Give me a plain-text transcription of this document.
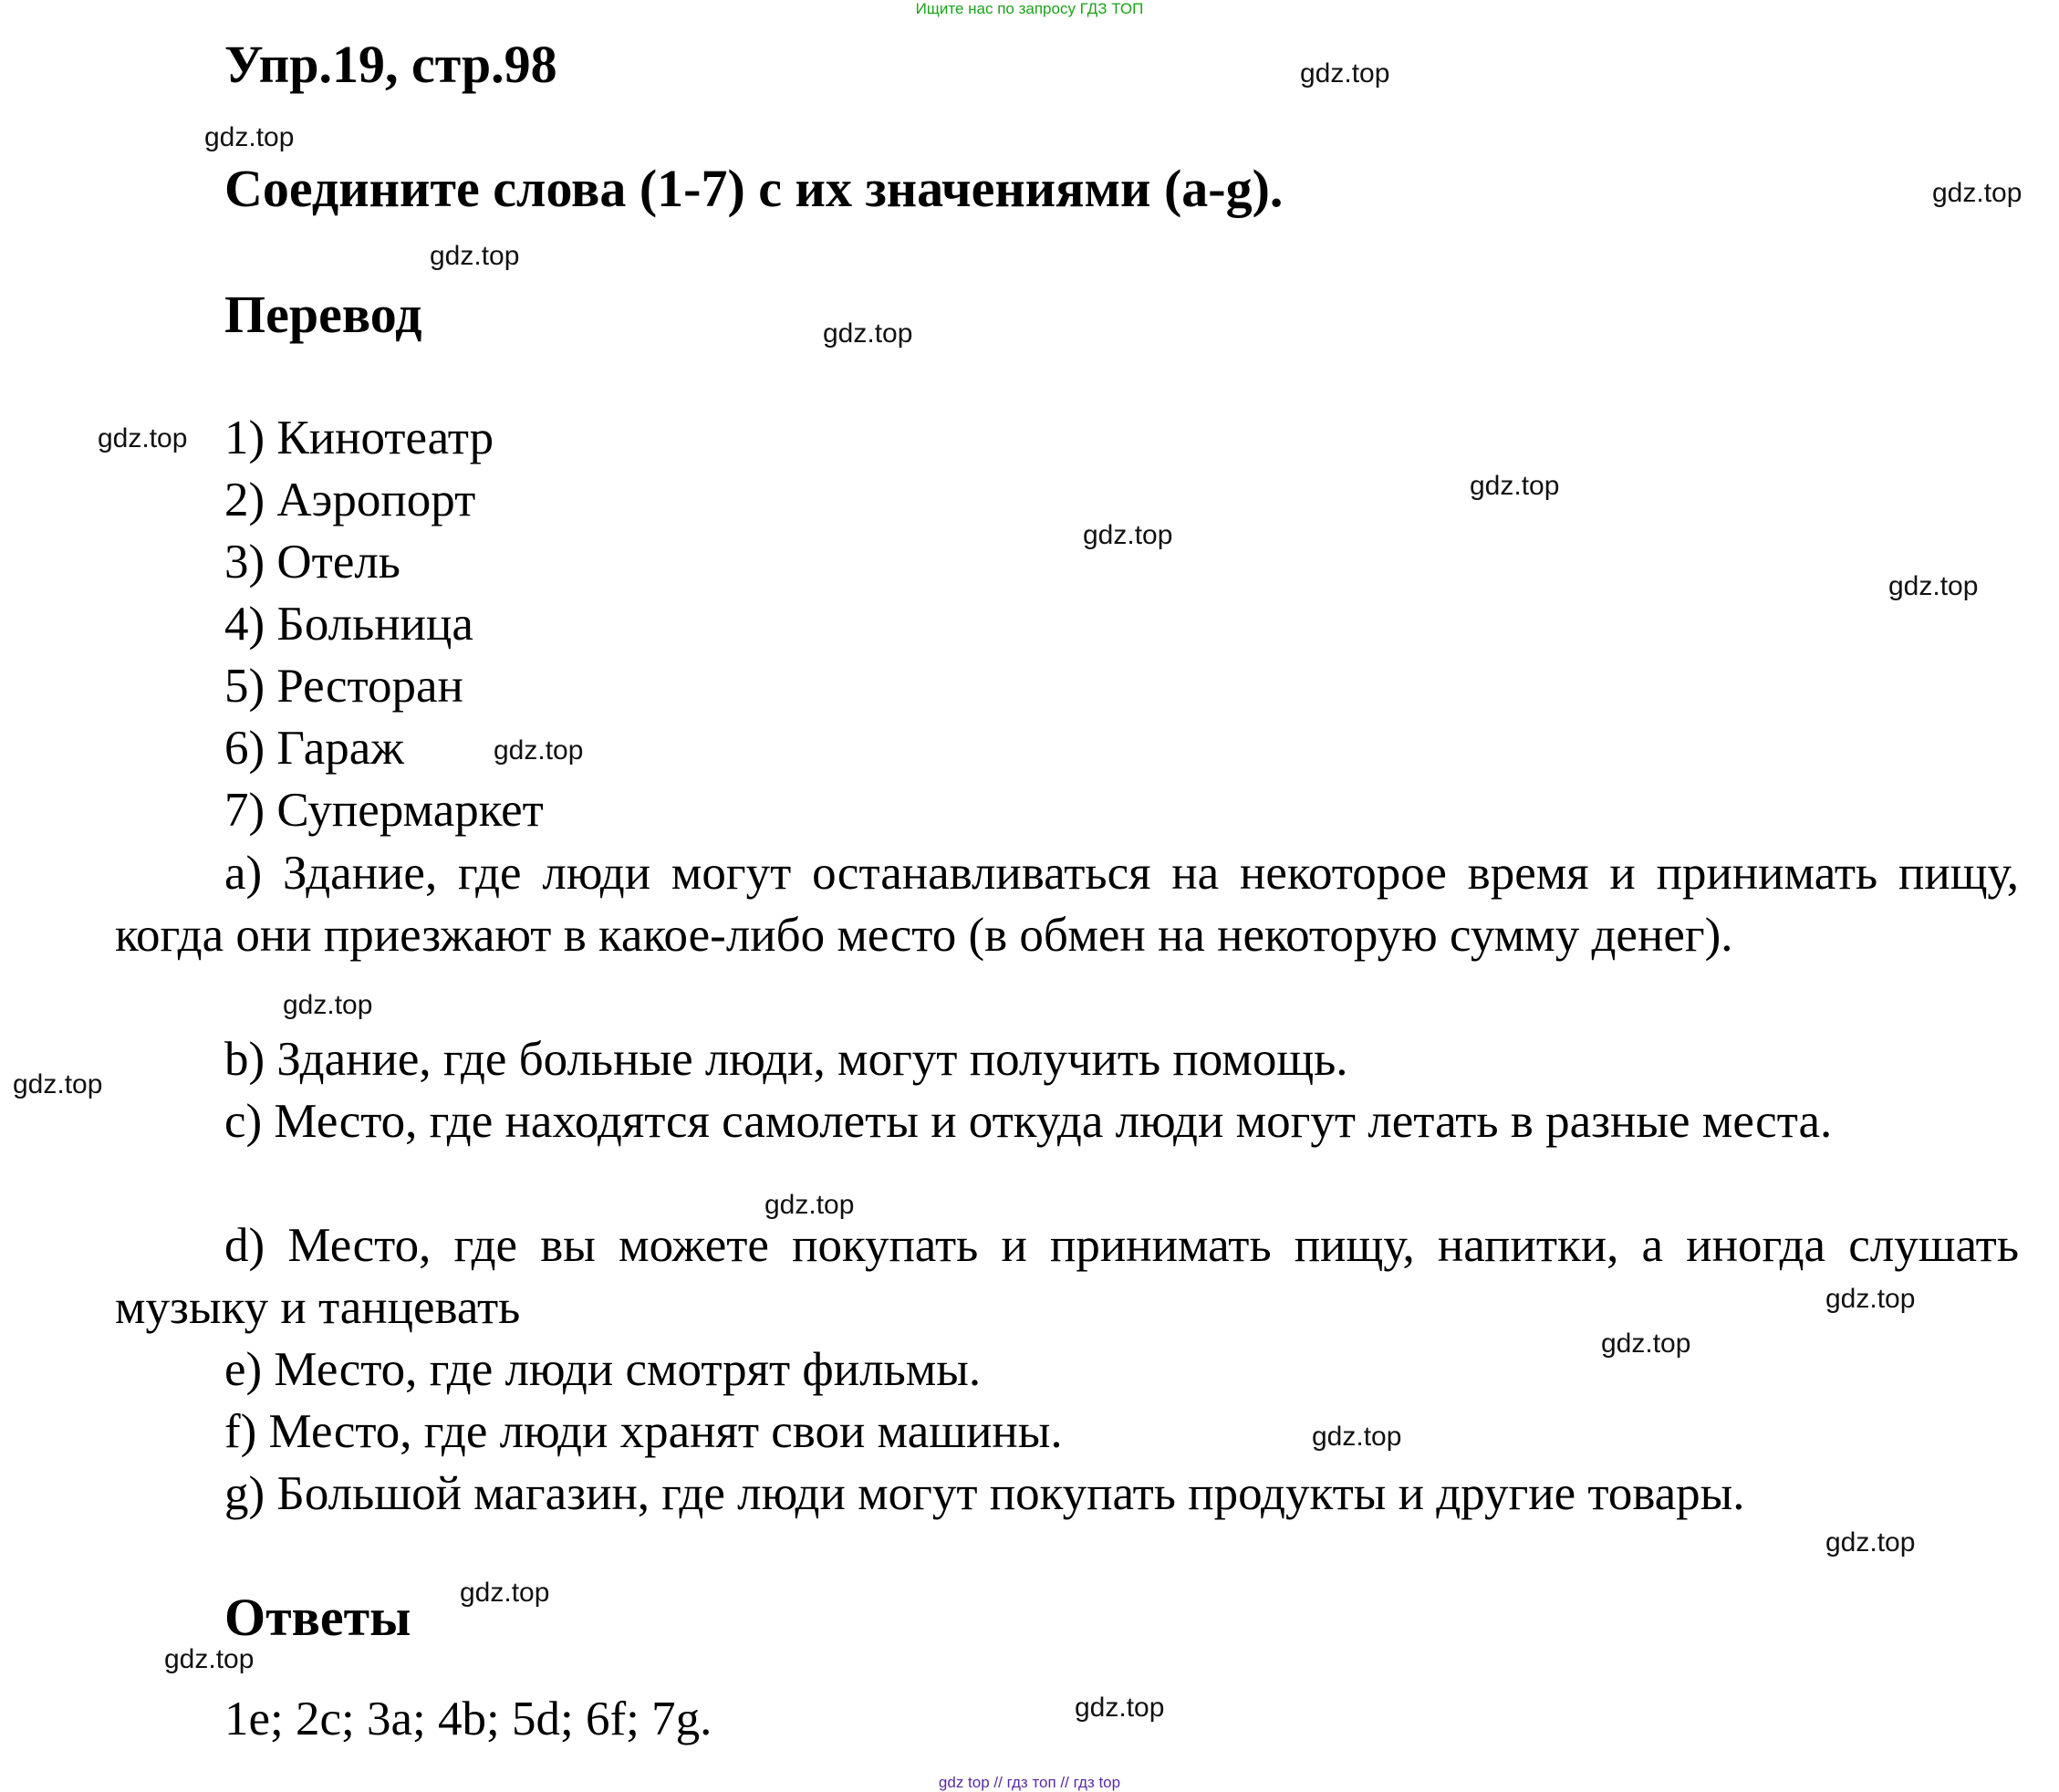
Ищите нас по запросу ГДЗ ТОП
Упр.19, стр.98
Соедините слова (1-7) с их значениями (a-g).
Перевод
1) Кинотеатр
2) Аэропорт
3) Отель
4) Больница
5) Ресторан
6) Гараж
7) Супермаркет
a) Здание, где люди могут останавливаться на некоторое время и принимать пищу, когда они приезжают в какое-либо место (в обмен на некоторую сумму денег).
b) Здание, где больные люди, могут получить помощь.
c) Место, где находятся самолеты и откуда люди могут летать в разные места.
d) Место, где вы можете покупать и принимать пищу, напитки, а иногда слушать музыку и танцевать
e) Место, где люди смотрят фильмы.
f) Место, где люди хранят свои машины.
g) Большой магазин, где люди могут покупать продукты и другие товары.
Ответы
1e; 2c; 3a; 4b; 5d; 6f; 7g.
gdz.top
gdz.top
gdz.top
gdz.top
gdz.top
gdz.top
gdz.top
gdz.top
gdz.top
gdz.top
gdz.top
gdz.top
gdz.top
gdz.top
gdz.top
gdz.top
gdz.top
gdz.top
gdz.top
gdz.top
gdz top // гдз топ // гдз top
